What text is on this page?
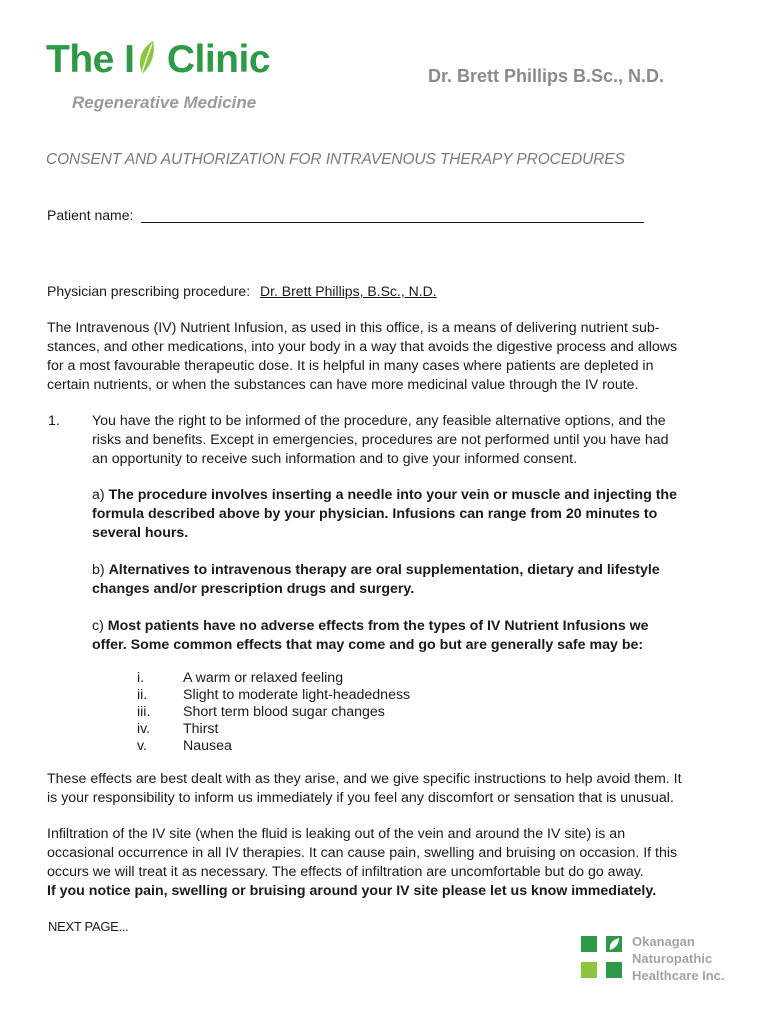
The I Clinic
Regenerative Medicine
Dr. Brett Phillips B.Sc., N.D.
CONSENT AND AUTHORIZATION FOR INTRAVENOUS THERAPY PROCEDURES
Patient name:
Physician prescribing procedure: Dr. Brett Phillips, B.Sc., N.D.
The Intravenous (IV) Nutrient Infusion, as used in this office, is a means of delivering nutrient sub-
stances, and other medications, into your body in a way that avoids the digestive process and allows
for a most favourable therapeutic dose. It is helpful in many cases where patients are depleted in
certain nutrients, or when the substances can have more medicinal value through the IV route.
1. You have the right to be informed of the procedure, any feasible alternative options, and the
risks and benefits. Except in emergencies, procedures are not performed until you have had
an opportunity to receive such information and to give your informed consent.
a) The procedure involves inserting a needle into your vein or muscle and injecting the
formula described above by your physician. Infusions can range from 20 minutes to
several hours.
b) Alternatives to intravenous therapy are oral supplementation, dietary and lifestyle
changes and/or prescription drugs and surgery.
c) Most patients have no adverse effects from the types of IV Nutrient Infusions we
offer. Some common effects that may come and go but are generally safe may be:
i.	A warm or relaxed feeling
ii.	Slight to moderate light-headedness
iii. Short term blood sugar changes
iv. Thirst
v.	Nausea
These effects are best dealt with as they arise, and we give specific instructions to help avoid them. It
is your responsibility to inform us immediately if you feel any discomfort or sensation that is unusual.
Infiltration of the IV site (when the fluid is leaking out of the vein and around the IV site) is an
occasional occurrence in all IV therapies. It can cause pain, swelling and bruising on occasion. If this
occurs we will treat it as necessary. The effects of infiltration are uncomfortable but do go away.
If you notice pain, swelling or bruising around your IV site please let us know immediately.
NEXT PAGE...
Okanagan
Naturopathic
Healthcare Inc.
